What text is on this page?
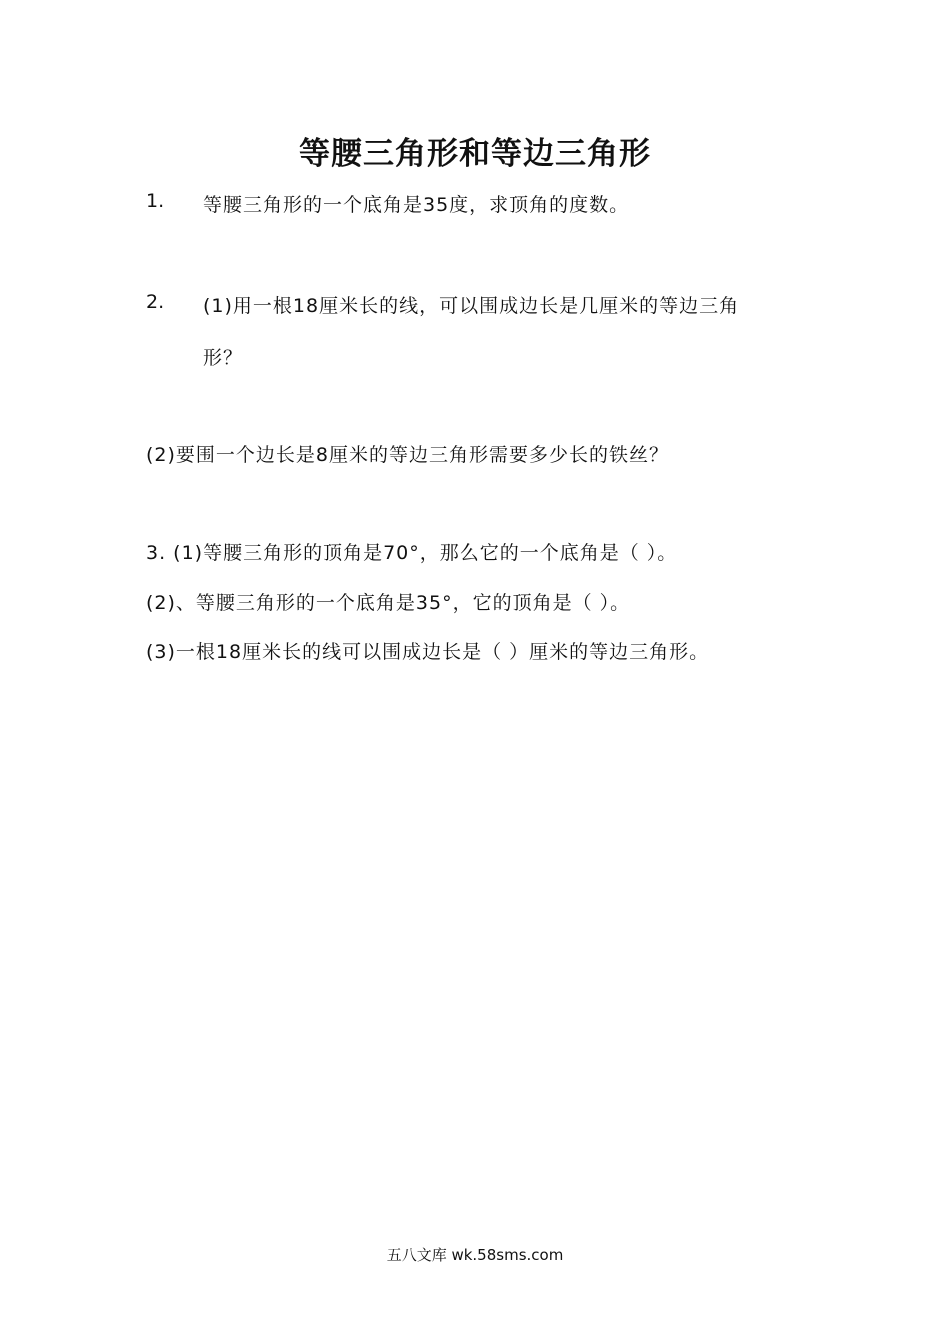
等腰三角形和等边三角形
1. 等腰三角形的一个底角是35度，求顶角的度数。
2. (1)用一根18厘米长的线，可以围成边长是几厘米的等边三角
形？
(2)要围一个边长是8厘米的等边三角形需要多少长的铁丝？
3. (1)等腰三角形的顶角是70°，那么它的一个底角是（ ）。
(2)、等腰三角形的一个底角是35°，它的顶角是（ ）。
(3)一根18厘米长的线可以围成边长是（ ）厘米的等边三角形。
五八文库 wk.58sms.com
